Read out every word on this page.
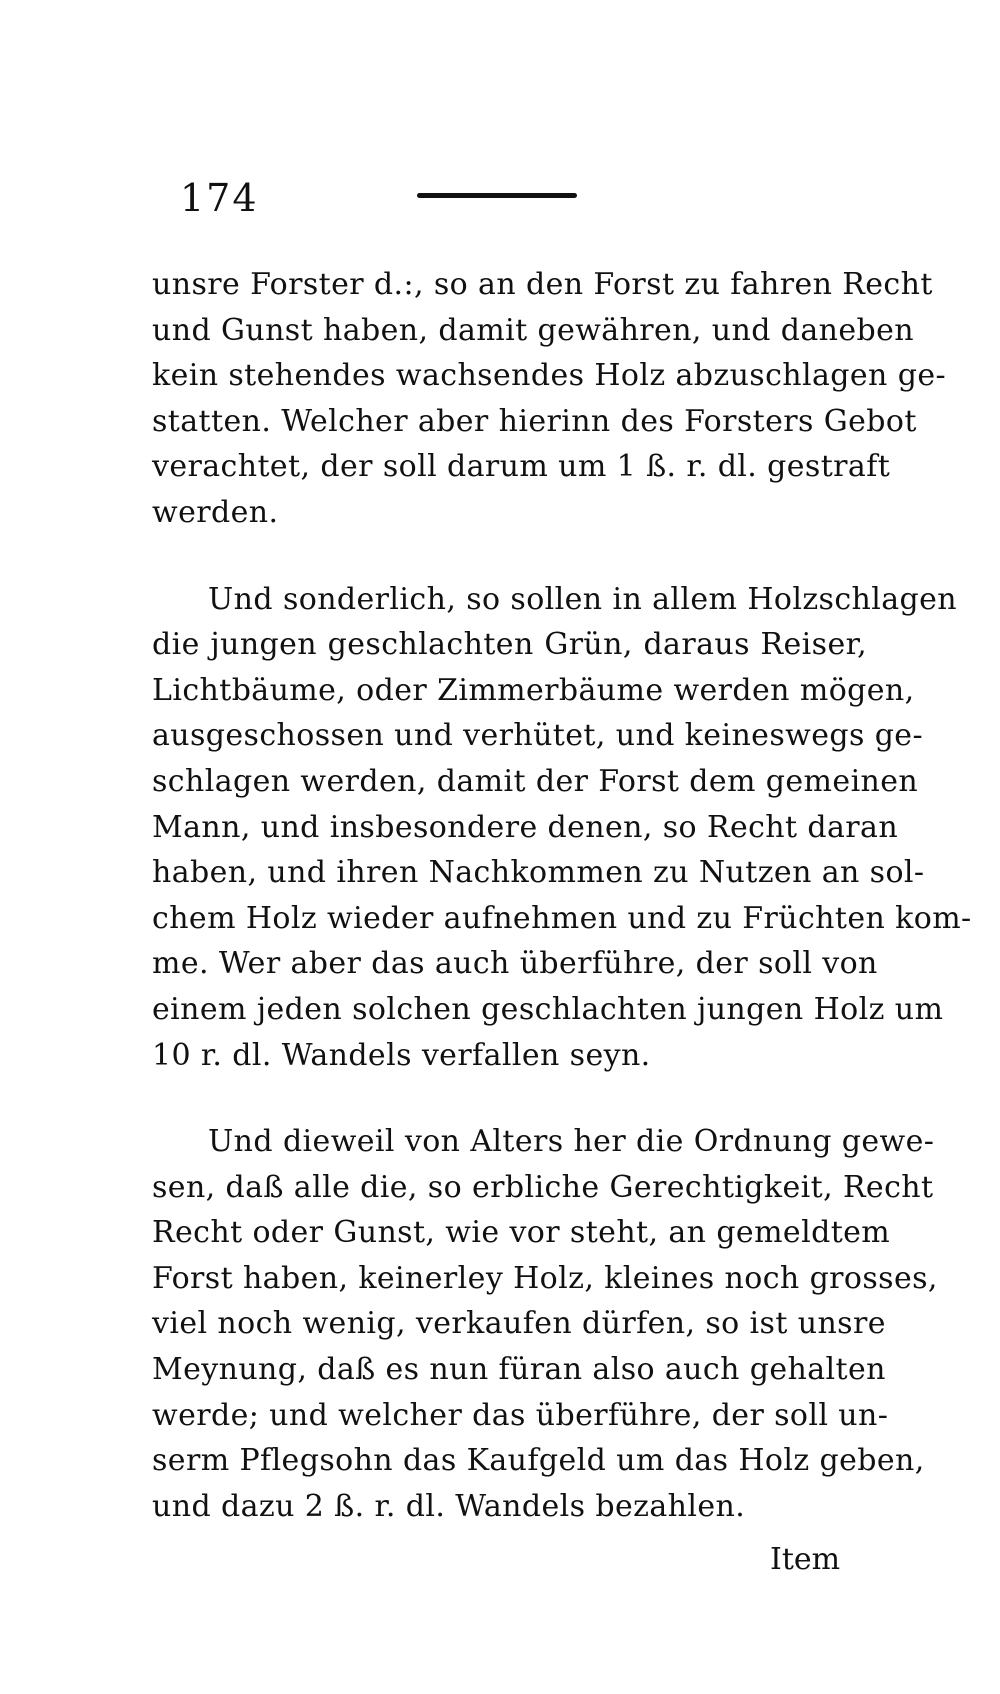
174
unsre Forster d.:, so an den Forst zu fahren Recht
und Gunst haben, damit gewähren, und daneben
kein stehendes wachsendes Holz abzuschlagen ge-
statten. Welcher aber hierinn des Forsters Gebot
verachtet, der soll darum um 1 ß. r. dl. gestraft
werden.
Und sonderlich, so sollen in allem Holzschlagen
die jungen geschlachten Grün, daraus Reiser,
Lichtbäume, oder Zimmerbäume werden mögen,
ausgeschossen und verhütet, und keineswegs ge-
schlagen werden, damit der Forst dem gemeinen
Mann, und insbesondere denen, so Recht daran
haben, und ihren Nachkommen zu Nutzen an sol-
chem Holz wieder aufnehmen und zu Früchten kom-
me. Wer aber das auch überführe, der soll von
einem jeden solchen geschlachten jungen Holz um
10 r. dl. Wandels verfallen seyn.
Und dieweil von Alters her die Ordnung gewe-
sen, daß alle die, so erbliche Gerechtigkeit, Recht
Recht oder Gunst, wie vor steht, an gemeldtem
Forst haben, keinerley Holz, kleines noch grosses,
viel noch wenig, verkaufen dürfen, so ist unsre
Meynung, daß es nun füran also auch gehalten
werde; und welcher das überführe, der soll un-
serm Pflegsohn das Kaufgeld um das Holz geben,
und dazu 2 ß. r. dl. Wandels bezahlen.
Item
